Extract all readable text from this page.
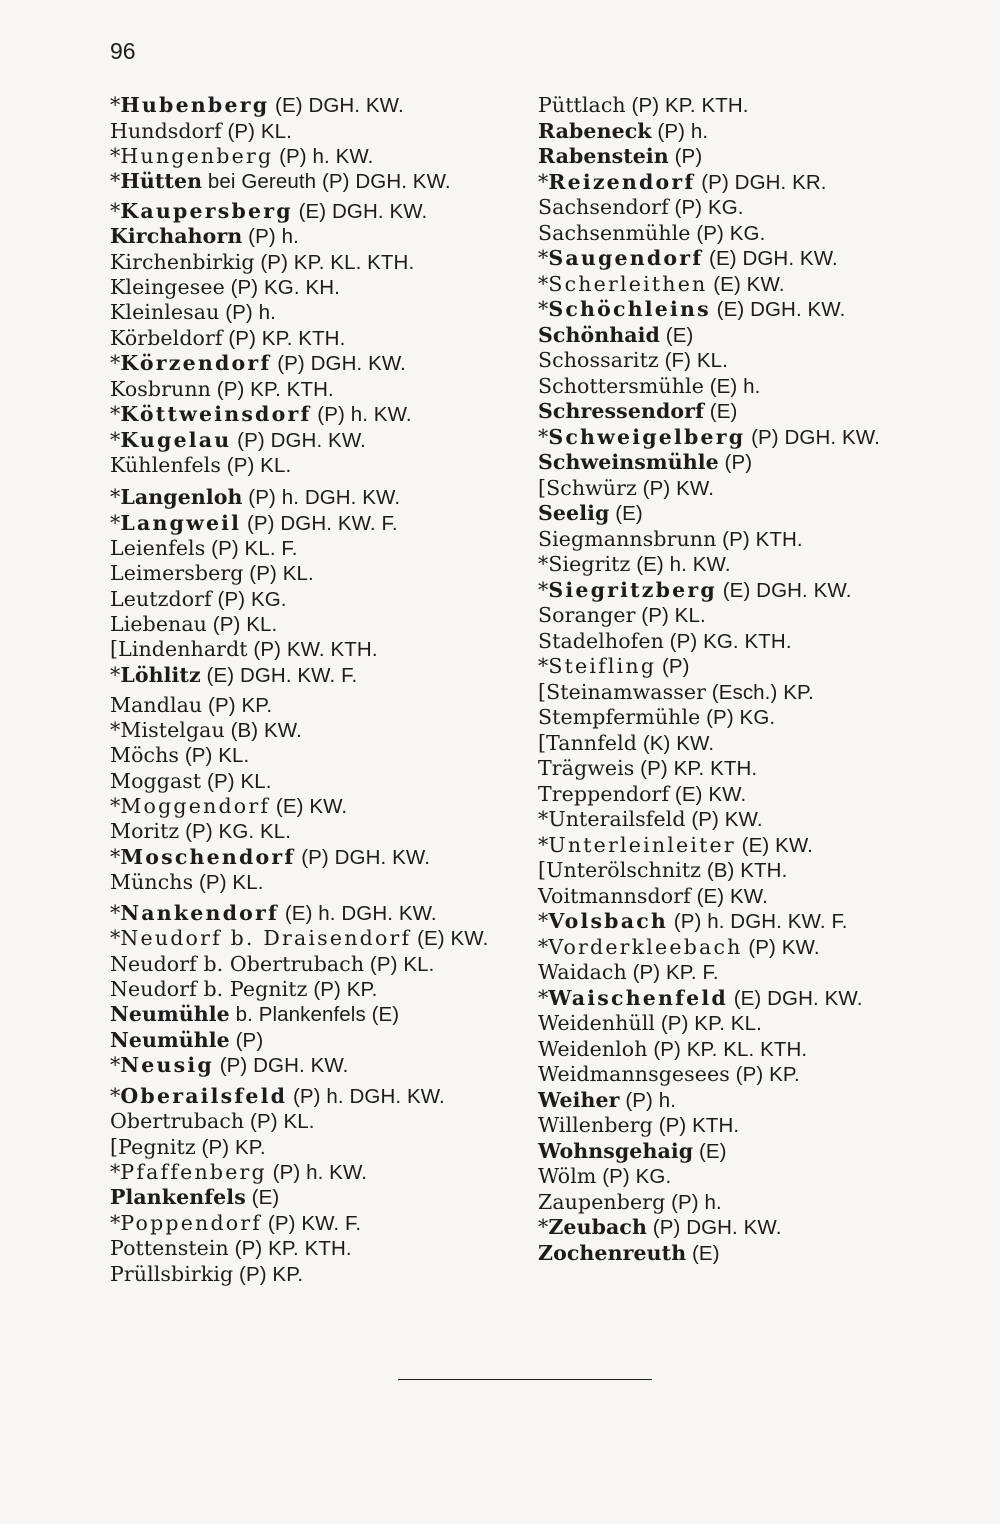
96
*Hubenberg (E) DGH. KW.
Hundsdorf (P) KL.
*Hungenberg (P) h. KW.
*Hütten bei Gereuth (P) DGH. KW.
*Kaupersberg (E) DGH. KW.
Kirchahorn (P) h.
Kirchenbirkig (P) KP. KL. KTH.
Kleingesee (P) KG. KH.
Kleinlesau (P) h.
Körbeldorf (P) KP. KTH.
*Körzendorf (P) DGH. KW.
Kosbrunn (P) KP. KTH.
*Köttweinsdorf (P) h. KW.
*Kugelau (P) DGH. KW.
Kühlenfels (P) KL.
*Langenloh (P) h. DGH. KW.
*Langweil (P) DGH. KW. F.
Leienfels (P) KL. F.
Leimersberg (P) KL.
Leutzdorf (P) KG.
Liebenau (P) KL.
[Lindenhardt (P) KW. KTH.
*Löhlitz (E) DGH. KW. F.
Mandlau (P) KP.
*Mistelgau (B) KW.
Möchs (P) KL.
Moggast (P) KL.
*Moggendorf (E) KW.
Moritz (P) KG. KL.
*Moschendorf (P) DGH. KW.
Münchs (P) KL.
*Nankendorf (E) h. DGH. KW.
*Neudorf b. Draisendorf (E) KW.
Neudorf b. Obertrubach (P) KL.
Neudorf b. Pegnitz (P) KP.
Neumühle b. Plankenfels (E)
Neumühle (P)
*Neusig (P) DGH. KW.
*Oberailsfeld (P) h. DGH. KW.
Obertrubach (P) KL.
[Pegnitz (P) KP.
*Pfaffenberg (P) h. KW.
Plankenfels (E)
*Poppendorf (P) KW. F.
Pottenstein (P) KP. KTH.
Prüllsbirkig (P) KP.
Püttlach (P) KP. KTH.
Rabeneck (P) h.
Rabenstein (P)
*Reizendorf (P) DGH. KR.
Sachsendorf (P) KG.
Sachsenmühle (P) KG.
*Saugendorf (E) DGH. KW.
*Scherleithen (E) KW.
*Schöchleins (E) DGH. KW.
Schönhaid (E)
Schossaritz (F) KL.
Schottersmühle (E) h.
Schressendorf (E)
*Schweigelberg (P) DGH. KW.
Schweinsmühle (P)
[Schwürz (P) KW.
Seelig (E)
Siegmannsbrunn (P) KTH.
*Siegritz (E) h. KW.
*Siegritzberg (E) DGH. KW.
Soranger (P) KL.
Stadelhofen (P) KG. KTH.
*Steifling (P)
[Steinamwasser (Esch.) KP.
Stempfermühle (P) KG.
[Tannfeld (K) KW.
Trägweis (P) KP. KTH.
Treppendorf (E) KW.
*Unterailsfeld (P) KW.
*Unterleinleiter (E) KW.
[Unterölschnitz (B) KTH.
Voitmannsdorf (E) KW.
*Volsbach (P) h. DGH. KW. F.
*Vorderkleebach (P) KW.
Waidach (P) KP. F.
*Waischenfeld (E) DGH. KW.
Weidenhüll (P) KP. KL.
Weidenloh (P) KP. KL. KTH.
Weidmannsgesees (P) KP.
Weiher (P) h.
Willenberg (P) KTH.
Wohnsgehaig (E)
Wölm (P) KG.
Zaupenberg (P) h.
*Zeubach (P) DGH. KW.
Zochenreuth (E)
